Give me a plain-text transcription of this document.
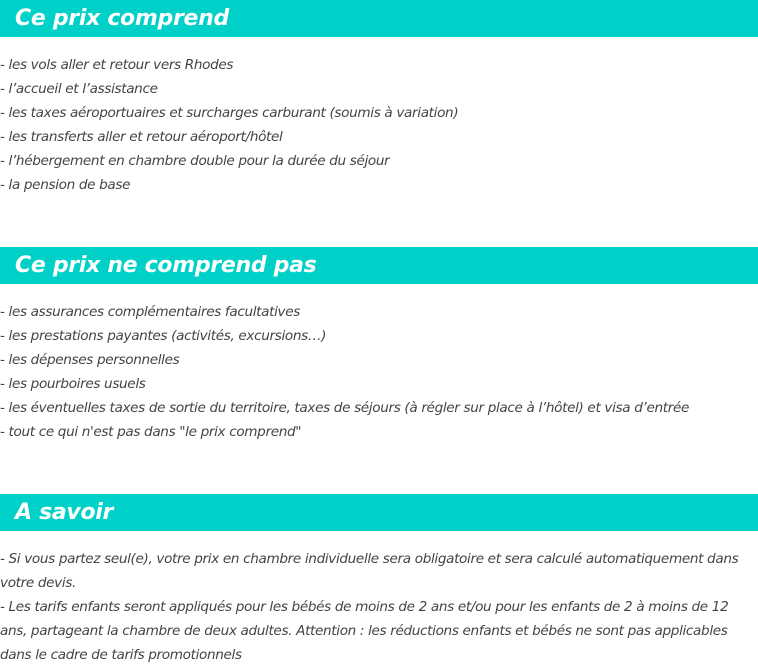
Ce prix comprend
- les vols aller et retour vers Rhodes
- l’accueil et l’assistance
- les taxes aéroportuaires et surcharges carburant (soumis à variation)
- les transferts aller et retour aéroport/hôtel
- l’hébergement en chambre double pour la durée du séjour
- la pension de base
Ce prix ne comprend pas
- les assurances complémentaires facultatives
- les prestations payantes (activités, excursions…)
- les dépenses personnelles
- les pourboires usuels
- les éventuelles taxes de sortie du territoire, taxes de séjours (à régler sur place à l’hôtel) et visa d’entrée
- tout ce qui n'est pas dans "le prix comprend"
A savoir
- Si vous partez seul(e), votre prix en chambre individuelle sera obligatoire et sera calculé automatiquement dans votre devis.
- Les tarifs enfants seront appliqués pour les bébés de moins de 2 ans et/ou pour les enfants de 2 à moins de 12 ans, partageant la chambre de deux adultes. Attention : les réductions enfants et bébés ne sont pas applicables dans le cadre de tarifs promotionnels
